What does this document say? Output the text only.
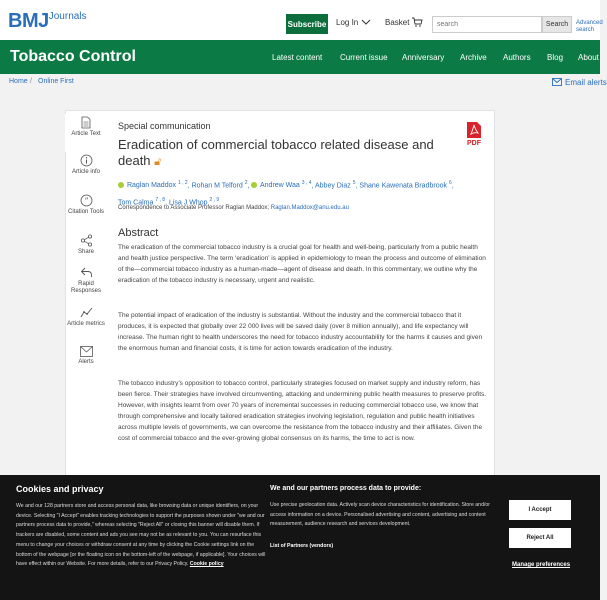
$BMJ^{Journals}$
Subscribe Log In	Basket
search	Search	Advanced search
Tobacco Control	Latest content Current issue Anniversary Archive Authors Blog About
Home / Online First	Email alerts
Article Text
Article info
”
Citation Tools
Share
Rapid Responses
Article metrics
Alerts
Special communication
PDF
Eradication of commercial tobacco related disease and death 🔓︎
Raglan Maddox $^{1 , 2}$, Rohan M Telford $^2$,  Andrew Waa $^{3 , 4}$, Abbey Diaz $^5$, Shane Kawenata Bradbrook $^6$, Tom Calma $^{7 , 8}$, Lisa J Whop $^{2 , 9}$
Correspondence to Associate Professor Raglan Maddox; Raglan.Maddox@anu.edu.au
Abstract

The eradication of the commercial tobacco industry is a crucial goal for health and well-being, particularly from a public health and health justice perspective. The term ‘eradication’ is applied in epidemiology to mean the process and outcome of elimination of the—commercial tobacco industry as a human-made—agent of disease and death. In this commentary, we outline why the eradication of the tobacco industry is necessary, urgent and realistic.

The potential impact of eradication of the industry is substantial. Without the industry and the commercial tobacco that it produces, it is expected that globally over 22 000 lives will be saved daily (over 8 million annually), and life expectancy will increase. The human right to health underscores the need for tobacco industry accountability for the harms it causes and given the enormous human and financial costs, it is time for action towards eradication of the industry.

The tobacco industry’s opposition to tobacco control, particularly strategies focused on market supply and industry reform, has been fierce. Their strategies have involved circumventing, attacking and undermining public health measures to preserve profits. However, with insights learnt from over 70 years of incremental successes in reducing commercial tobacco use, we know that through comprehensive and locally tailored eradication strategies involving legislation, regulation and public health initiatives across multiple levels of governments, we can overcome the resistance from the tobacco industry and their affiliates. Given the cost of commercial tobacco and the ever-growing global consensus on its harms, the time to act is now.

Cookies and privacy

We and our 128 partners store and access personal data, like browsing data or unique identifiers, on your device. Selecting "I Accept" enables tracking technologies to support the purposes shown under "we and our partners process data to provide," whereas selecting "Reject All" or closing this banner will disable them. If trackers are disabled, some content and ads you see may not be as relevant to you. You can resurface this menu to change your choices or withdraw consent at any time by clicking the Cookie settings link on the bottom of the webpage [or the floating icon on the bottom-left of the webpage, if applicable]. Your choices will have effect within our Website. For more details, refer to our Privacy Policy. Cookie policy

We and our partners process data to provide:

Use precise geolocation data. Actively scan device characteristics for identification. Store and/or access information on a device. Personalised advertising and content, advertising and content measurement, audience research and services development.

List of Partners (vendors)
I Accept
Reject All
Manage preferences
